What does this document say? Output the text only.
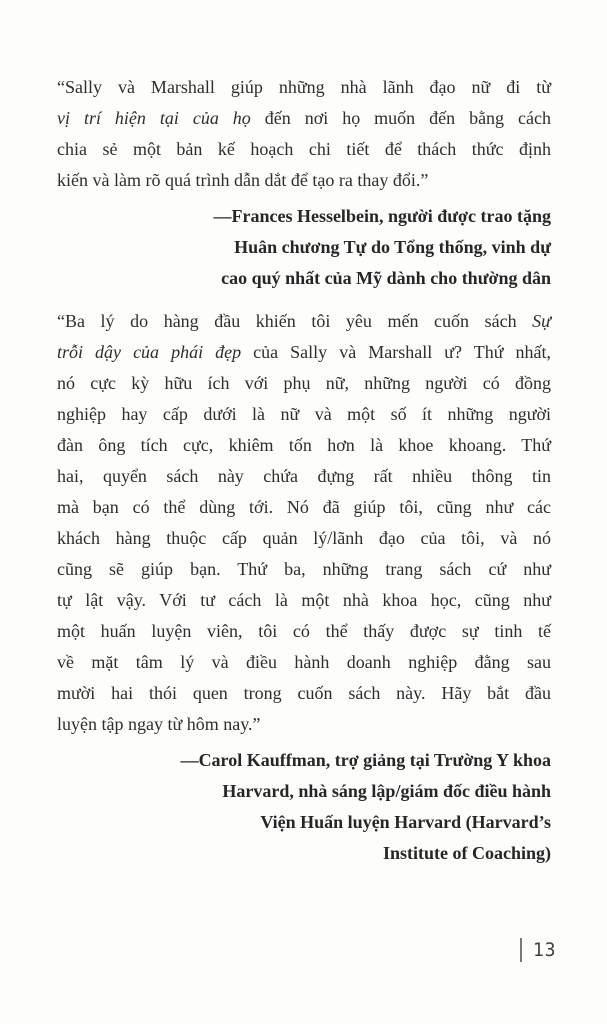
“Sally và Marshall giúp những nhà lãnh đạo nữ đi từ
vị trí hiện tại của họ đến nơi họ muốn đến bằng cách
chia sẻ một bản kế hoạch chi tiết để thách thức định
kiến và làm rõ quá trình dẫn dắt để tạo ra thay đổi.”
—Frances Hesselbein, người được trao tặng
Huân chương Tự do Tổng thống, vinh dự
cao quý nhất của Mỹ dành cho thường dân
“Ba lý do hàng đầu khiến tôi yêu mến cuốn sách Sự
trỗi dậy của phái đẹp của Sally và Marshall ư? Thứ nhất,
nó cực kỳ hữu ích với phụ nữ, những người có đồng
nghiệp hay cấp dưới là nữ và một số ít những người
đàn ông tích cực, khiêm tốn hơn là khoe khoang. Thứ
hai, quyển sách này chứa đựng rất nhiều thông tin
mà bạn có thể dùng tới. Nó đã giúp tôi, cũng như các
khách hàng thuộc cấp quản lý/lãnh đạo của tôi, và nó
cũng sẽ giúp bạn. Thứ ba, những trang sách cứ như
tự lật vậy. Với tư cách là một nhà khoa học, cũng như
một huấn luyện viên, tôi có thể thấy được sự tinh tế
về mặt tâm lý và điều hành doanh nghiệp đằng sau
mười hai thói quen trong cuốn sách này. Hãy bắt đầu
luyện tập ngay từ hôm nay.”
—Carol Kauffman, trợ giảng tại Trường Y khoa
Harvard, nhà sáng lập/giám đốc điều hành
Viện Huấn luyện Harvard (Harvard’s
Institute of Coaching)
13
